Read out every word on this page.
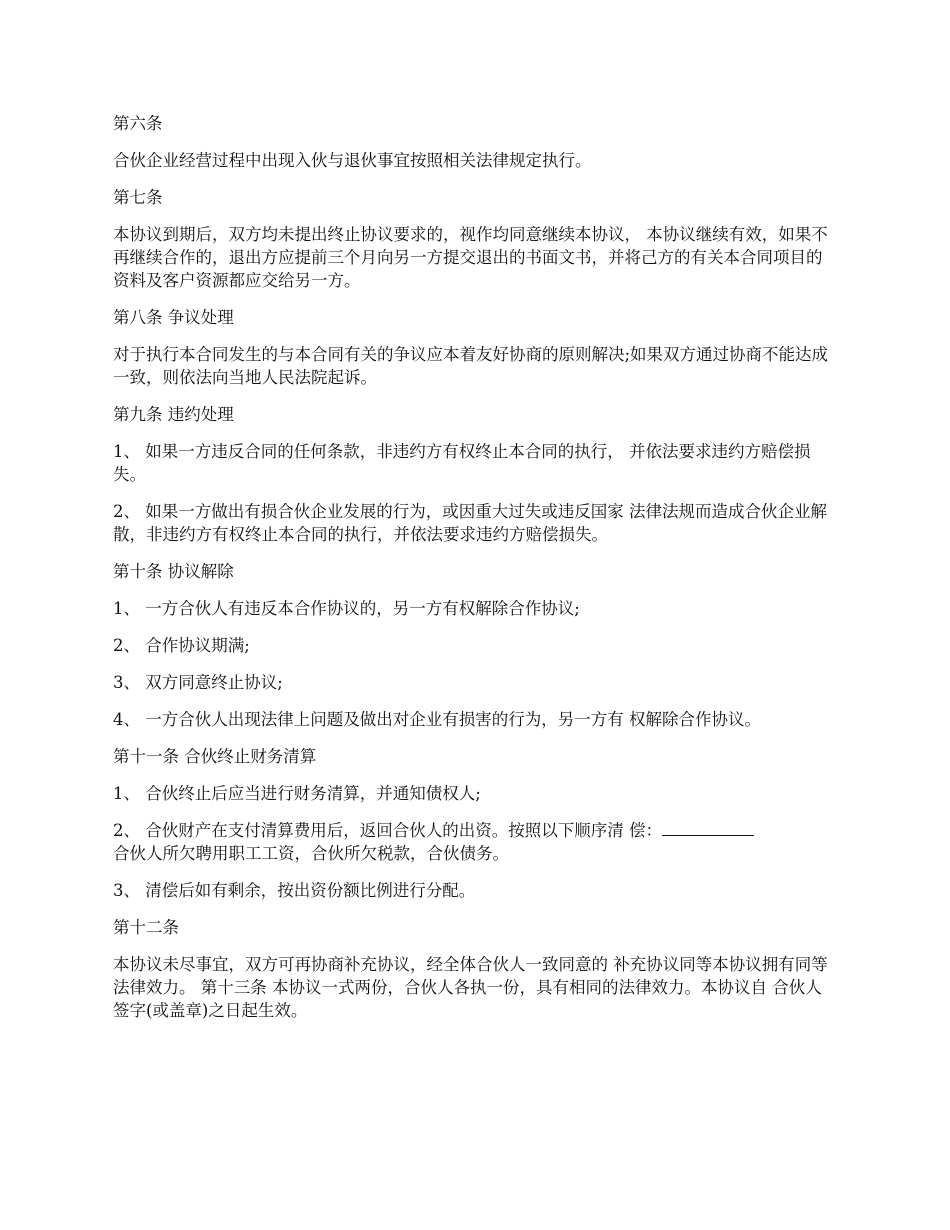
第六条

合伙企业经营过程中出现入伙与退伙事宜按照相关法律规定执行。

第七条

本协议到期后，双方均未提出终止协议要求的，视作均同意继续本协议， 本协议继续有效，如果不再继续合作的，退出方应提前三个月向另一方提交退出的书面文书，并将己方的有关本合同项目的资料及客户资源都应交给另一方。

第八条 争议处理

对于执行本合同发生的与本合同有关的争议应本着友好协商的原则解决;如果双方通过协商不能达成一致，则依法向当地人民法院起诉。

第九条 违约处理

1、 如果一方违反合同的任何条款，非违约方有权终止本合同的执行， 并依法要求违约方赔偿损失。

2、 如果一方做出有损合伙企业发展的行为，或因重大过失或违反国家 法律法规而造成合伙企业解散，非违约方有权终止本合同的执行，并依法要求违约方赔偿损失。

第十条 协议解除

1、 一方合伙人有违反本合作协议的，另一方有权解除合作协议;

2、 合作协议期满;

3、 双方同意终止协议;

4、 一方合伙人出现法律上问题及做出对企业有损害的行为，另一方有 权解除合作协议。

第十一条 合伙终止财务清算

1、 合伙终止后应当进行财务清算，并通知债权人;

2、 合伙财产在支付清算费用后，返回合伙人的出资。按照以下顺序清 偿：
合伙人所欠聘用职工工资，合伙所欠税款，合伙债务。

3、 清偿后如有剩余，按出资份额比例进行分配。

第十二条

本协议未尽事宜，双方可再协商补充协议，经全体合伙人一致同意的 补充协议同等本协议拥有同等法律效力。 第十三条 本协议一式两份，合伙人各执一份，具有相同的法律效力。本协议自 合伙人签字(或盖章)之日起生效。
